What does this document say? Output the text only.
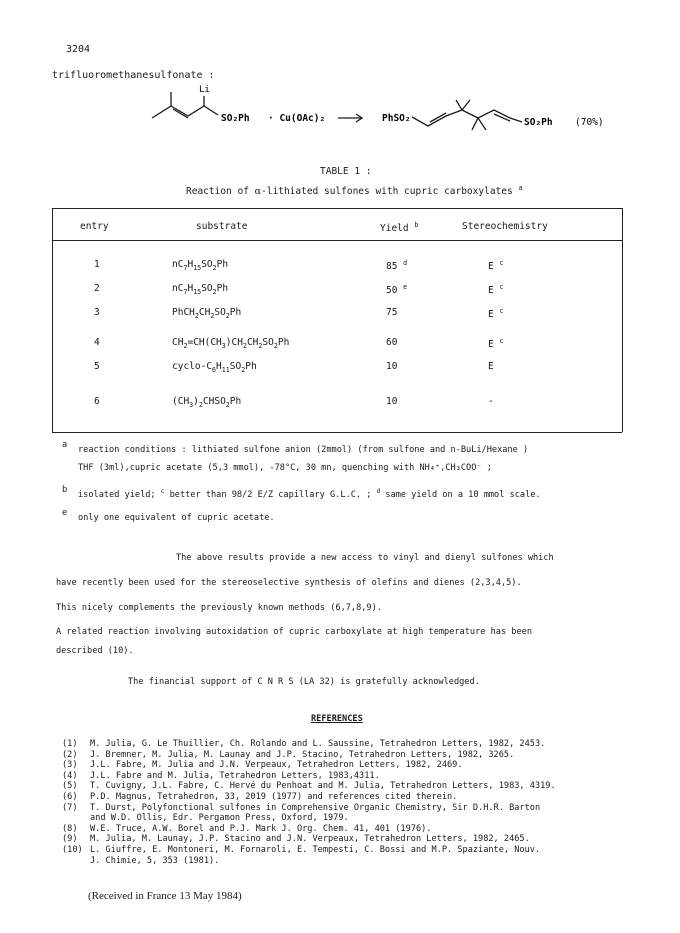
3204
trifluoromethanesulfonate :
Li
SO₂Ph · Cu(OAc)₂	PhSO₂	SO₂Ph (70%)
TABLE 1 :
Reaction of α-lithiated sulfones with cupric carboxylates $^a$
entry	substrate	Yield $^b$	Stereochemistry
1	$nC_7H_{15}SO_2Ph$	85 $^d$	E $^c$
2	$nC_7H_{15}SO_2Ph$	50 $^e$	E $^c$
3	$PhCH_2CH_2SO_2Ph$	75	E $^c$
4	$CH_2=CH(CH_3)CH_2CH_2SO_2Ph$	60	E $^c$
5	cyclo-$C_6H_{11}SO_2Ph$	10	E
6	$(CH_3)_2CHSO_2Ph$	10	-
a reaction conditions : lithiated sulfone anion (2mmol) (from sulfone and n-BuLi/Hexane )
THF (3ml),cupric acetate (5,3 mmol), -78°C, 30 mn, quenching with NH₄⁺,CH₃COO⁻ ;
b isolated yield; $^c$ better than 98/2 E/Z capillary G.L.C. ; $^d$ same yield on a 10 mmol scale.
e only one equivalent of cupric acetate.
The above results provide a new access to vinyl and dienyl sulfones which
have recently been used for the stereoselective synthesis of olefins and dienes (2,3,4,5).
This nicely complements the previously known methods (6,7,8,9).
A related reaction involving autoxidation of cupric carboxylate at high temperature has been
described (10).
The financial support of C N R S (LA 32) is gratefully acknowledged.
REFERENCES
(1) M. Julia, G. Le Thuillier, Ch. Rolando and L. Saussine, Tetrahedron Letters, 1982, 2453.
(2) J. Bremner, M. Julia, M. Launay and J.P. Stacino, Tetrahedron Letters, 1982, 3265.
(3) J.L. Fabre, M. Julia and J.N. Verpeaux, Tetrahedron Letters, 1982, 2469.
(4) J.L. Fabre and M. Julia, Tetrahedron Letters, 1983,4311.
(5) T. Cuvigny, J.L. Fabre, C. Hervé du Penhoat and M. Julia, Tetrahedron Letters, 1983, 4319.
(6) P.D. Magnus, Tetrahedron, 33, 2019 (1977) and references cited therein.
(7) T. Durst, Polyfonctional sulfones in Comprehensive Organic Chemistry, Sir D.H.R. Barton
and W.D. Ollis, Edr. Pergamon Press, Oxford, 1979.
(8) W.E. Truce, A.W. Borel and P.J. Mark J. Org. Chem. 41, 401 (1976).
(9) M. Julia, M. Launay, J.P. Stacino and J.N. Verpeaux, Tetrahedron Letters, 1982, 2465.
(10) L. Giuffre, E. Montoneri, M. Fornaroli, E. Tempesti, C. Bossi and M.P. Spaziante, Nouv.
J. Chimie, 5, 353 (1981).
(Received in France 13 May 1984)
